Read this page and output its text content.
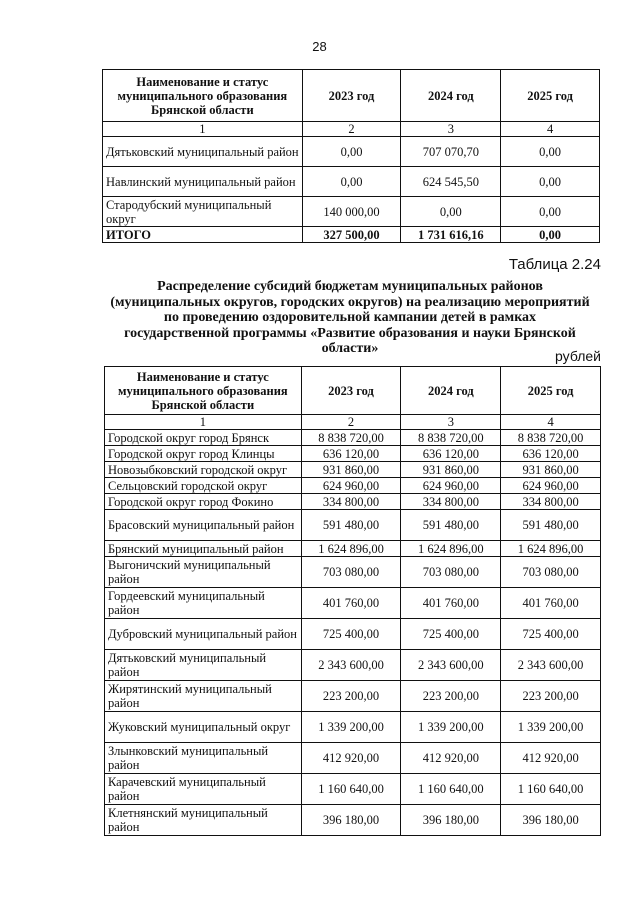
28
Наименование и статус муниципального образования Брянской области	2023 год	2024 год	2025 год
1	2	3	4
Дятьковский муниципальный район	0,00	707 070,70	0,00
Навлинский муниципальный район	0,00	624 545,50	0,00
Стародубский муниципальный округ	140 000,00	0,00	0,00
ИТОГО	327 500,00	1 731 616,16	0,00
Таблица 2.24
Распределение субсидий бюджетам муниципальных районов (муниципальных округов, городских округов) на реализацию мероприятий по проведению оздоровительной кампании детей в рамках государственной программы «Развитие образования и науки Брянской области»	рублей
Наименование и статус муниципального образования Брянской области	2023 год	2024 год	2025 год
1	2	3	4
Городской округ город Брянск	8 838 720,00	8 838 720,00	8 838 720,00
Городской округ город Клинцы	636 120,00	636 120,00	636 120,00
Новозыбковский городской округ	931 860,00	931 860,00	931 860,00
Сельцовский городской округ	624 960,00	624 960,00	624 960,00
Городской округ город Фокино	334 800,00	334 800,00	334 800,00
Брасовский муниципальный район	591 480,00	591 480,00	591 480,00
Брянский муниципальный район	1 624 896,00	1 624 896,00	1 624 896,00
Выгоничский муниципальный район	703 080,00	703 080,00	703 080,00
Гордеевский муниципальный район	401 760,00	401 760,00	401 760,00
Дубровский муниципальный район	725 400,00	725 400,00	725 400,00
Дятьковский муниципальный район	2 343 600,00	2 343 600,00	2 343 600,00
Жирятинский муниципальный район	223 200,00	223 200,00	223 200,00
Жуковский муниципальный округ	1 339 200,00	1 339 200,00	1 339 200,00
Злынковский муниципальный район	412 920,00	412 920,00	412 920,00
Карачевский муниципальный район	1 160 640,00	1 160 640,00	1 160 640,00
Клетнянский муниципальный район	396 180,00	396 180,00	396 180,00
